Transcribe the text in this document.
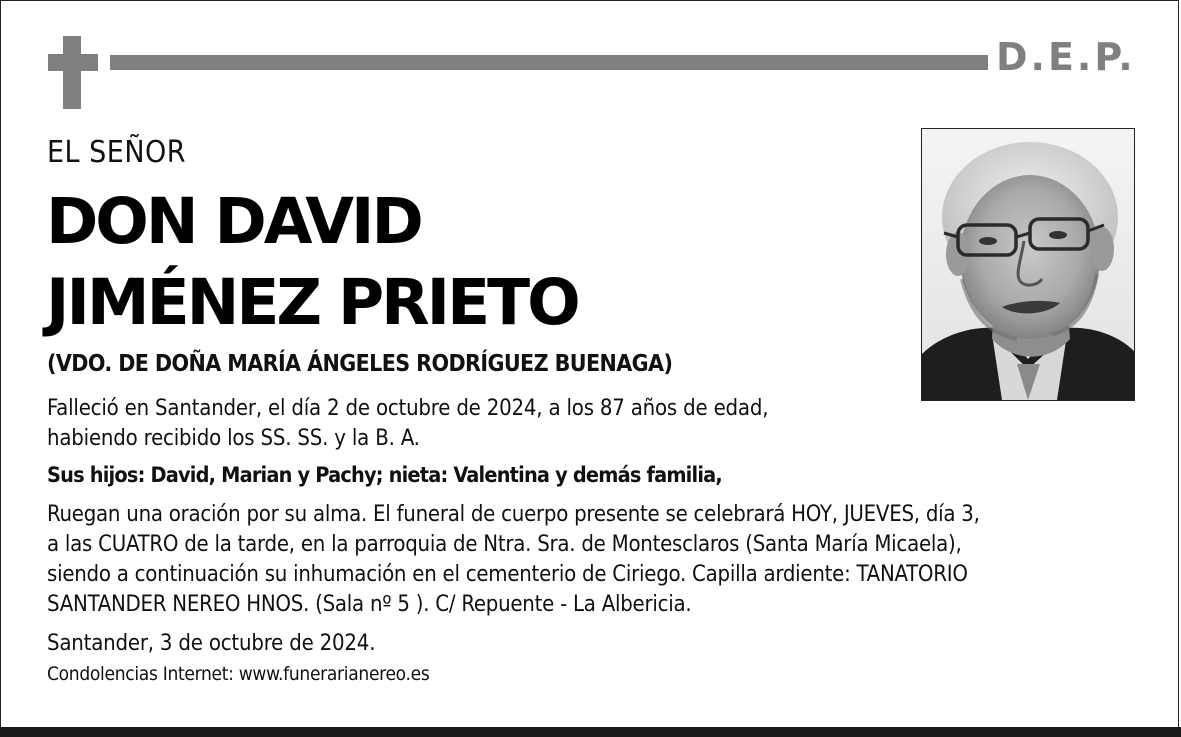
D.E.P.
EL SEÑOR
DON DAVID
JIMÉNEZ PRIETO
(VDO. DE DOÑA MARÍA ÁNGELES RODRÍGUEZ BUENAGA)
Falleció en Santander, el día 2 de octubre de 2024, a los 87 años de edad,
habiendo recibido los SS. SS. y la B. A.
Sus hijos: David, Marian y Pachy; nieta: Valentina y demás familia,
Ruegan una oración por su alma. El funeral de cuerpo presente se celebrará HOY, JUEVES, día 3,
a las CUATRO de la tarde, en la parroquia de Ntra. Sra. de Montesclaros (Santa María Micaela),
siendo a continuación su inhumación en el cementerio de Ciriego. Capilla ardiente: TANATORIO
SANTANDER NEREO HNOS. (Sala nº 5 ). C/ Repuente - La Albericia.
Santander, 3 de octubre de 2024.
Condolencias Internet: www.funerarianereo.es
